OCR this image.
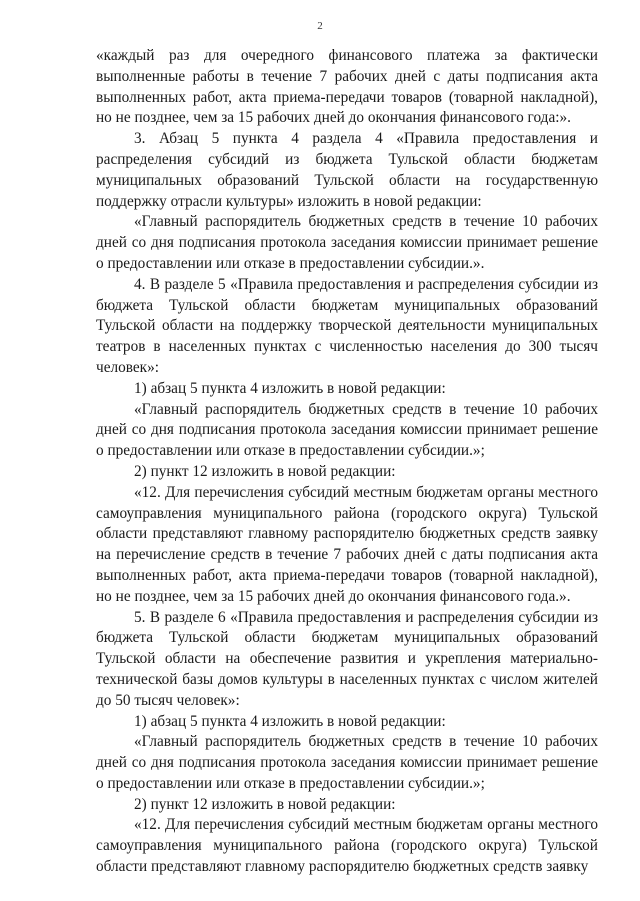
2

«каждый раз для очередного финансового платежа за фактически выполненные работы в течение 7 рабочих дней с даты подписания акта выполненных работ, акта приема-передачи товаров (товарной накладной), но не позднее, чем за 15 рабочих дней до окончания финансового года:».

3. Абзац 5 пункта 4 раздела 4 «Правила предоставления и распределения субсидий из бюджета Тульской области бюджетам муниципальных образований Тульской области на государственную поддержку отрасли культуры» изложить в новой редакции:

«Главный распорядитель бюджетных средств в течение 10 рабочих дней со дня подписания протокола заседания комиссии принимает решение о предоставлении или отказе в предоставлении субсидии.».

4. В разделе 5 «Правила предоставления и распределения субсидии из бюджета Тульской области бюджетам муниципальных образований Тульской области на поддержку творческой деятельности муниципальных театров в населенных пунктах с численностью населения до 300 тысяч человек»:

1) абзац 5 пункта 4 изложить в новой редакции:

«Главный распорядитель бюджетных средств в течение 10 рабочих дней со дня подписания протокола заседания комиссии принимает решение о предоставлении или отказе в предоставлении субсидии.»;

2) пункт 12 изложить в новой редакции:

«12. Для перечисления субсидий местным бюджетам органы местного самоуправления муниципального района (городского округа) Тульской области представляют главному распорядителю бюджетных средств заявку на перечисление средств в течение 7 рабочих дней с даты подписания акта выполненных работ, акта приема-передачи товаров (товарной накладной), но не позднее, чем за 15 рабочих дней до окончания финансового года.».

5. В разделе 6 «Правила предоставления и распределения субсидии из бюджета Тульской области бюджетам муниципальных образований Тульской области на обеспечение развития и укрепления материально-технической базы домов культуры в населенных пунктах с числом жителей до 50 тысяч человек»:

1) абзац 5 пункта 4 изложить в новой редакции:

«Главный распорядитель бюджетных средств в течение 10 рабочих дней со дня подписания протокола заседания комиссии принимает решение о предоставлении или отказе в предоставлении субсидии.»;

2) пункт 12 изложить в новой редакции:

«12. Для перечисления субсидий местным бюджетам органы местного самоуправления муниципального района (городского округа) Тульской области представляют главному распорядителю бюджетных средств заявку
